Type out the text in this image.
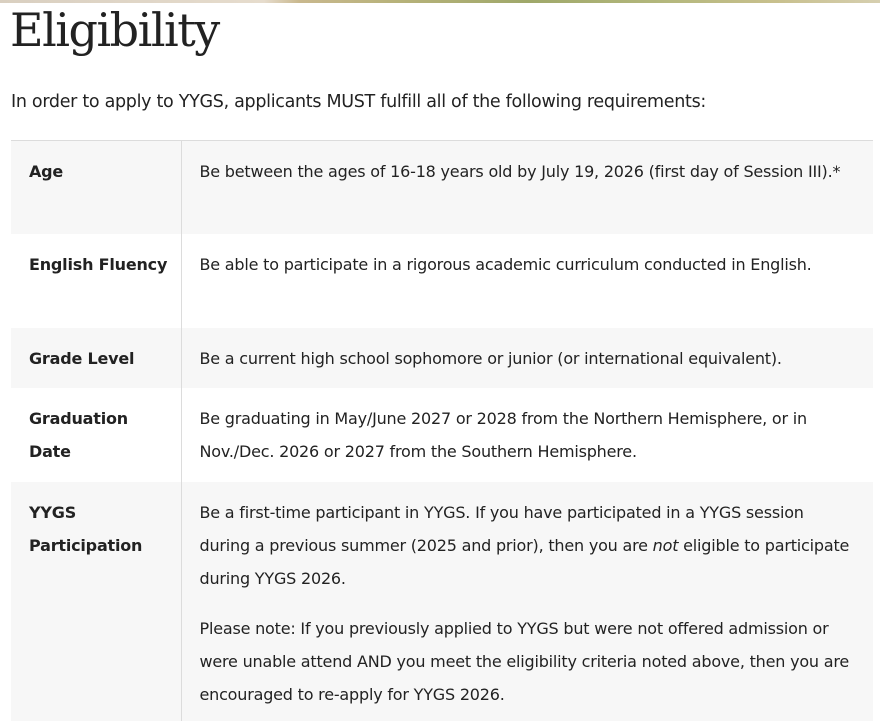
Eligibility

In order to apply to YYGS, applicants MUST fulfill all of the following requirements:

Age	Be between the ages of 16-18 years old by July 19, 2026 (first day of Session III).*
English Fluency	Be able to participate in a rigorous academic curriculum conducted in English.
Grade Level	Be a current high school sophomore or junior (or international equivalent).
Graduation Date	Be graduating in May/June 2027 or 2028 from the Northern Hemisphere, or in Nov./Dec. 2026 or 2027 from the Southern Hemisphere.
YYGS Participation	Be a first-time participant in YYGS. If you have participated in a YYGS session during a previous summer (2025 and prior), then you are not eligible to participate during YYGS 2026.

Please note: If you previously applied to YYGS but were not offered admission or were unable attend AND you meet the eligibility criteria noted above, then you are encouraged to re-apply for YYGS 2026.
